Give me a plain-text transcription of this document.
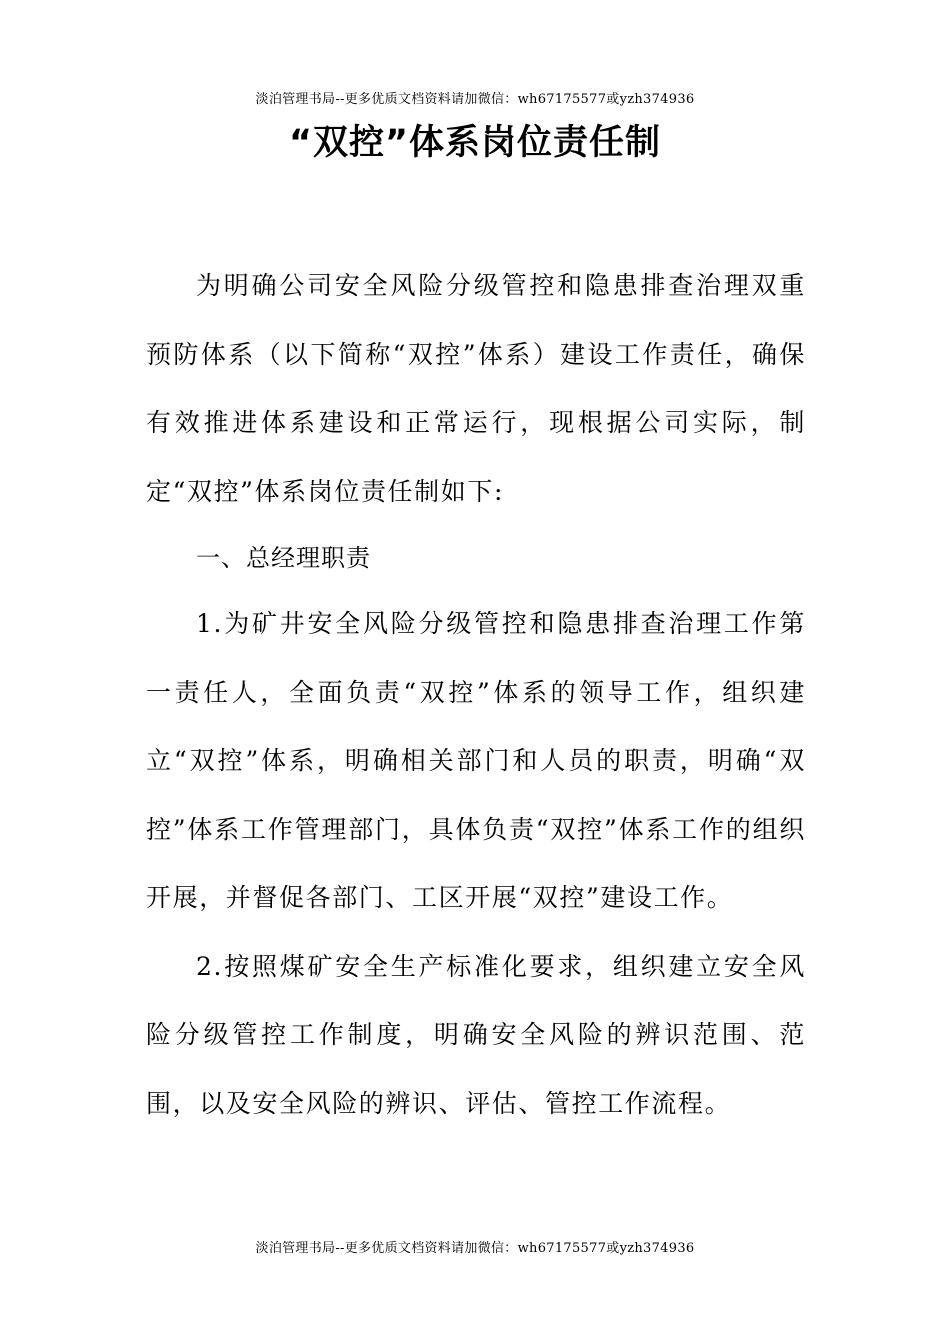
淡泊管理书局--更多优质文档资料请加微信：wh67175577或yzh374936
“双控”体系岗位责任制

为明确公司安全风险分级管控和隐患排查治理双重预防体系（以下简称“双控”体系）建设工作责任，确保有效推进体系建设和正常运行，现根据公司实际，制定“双控”体系岗位责任制如下:

一、总经理职责

1.为矿井安全风险分级管控和隐患排查治理工作第一责任人，全面负责“双控”体系的领导工作，组织建立“双控”体系，明确相关部门和人员的职责，明确“双控”体系工作管理部门，具体负责“双控”体系工作的组织开展，并督促各部门、工区开展“双控”建设工作。

2.按照煤矿安全生产标准化要求，组织建立安全风险分级管控工作制度，明确安全风险的辨识范围、范围，以及安全风险的辨识、评估、管控工作流程。

淡泊管理书局--更多优质文档资料请加微信：wh67175577或yzh374936
